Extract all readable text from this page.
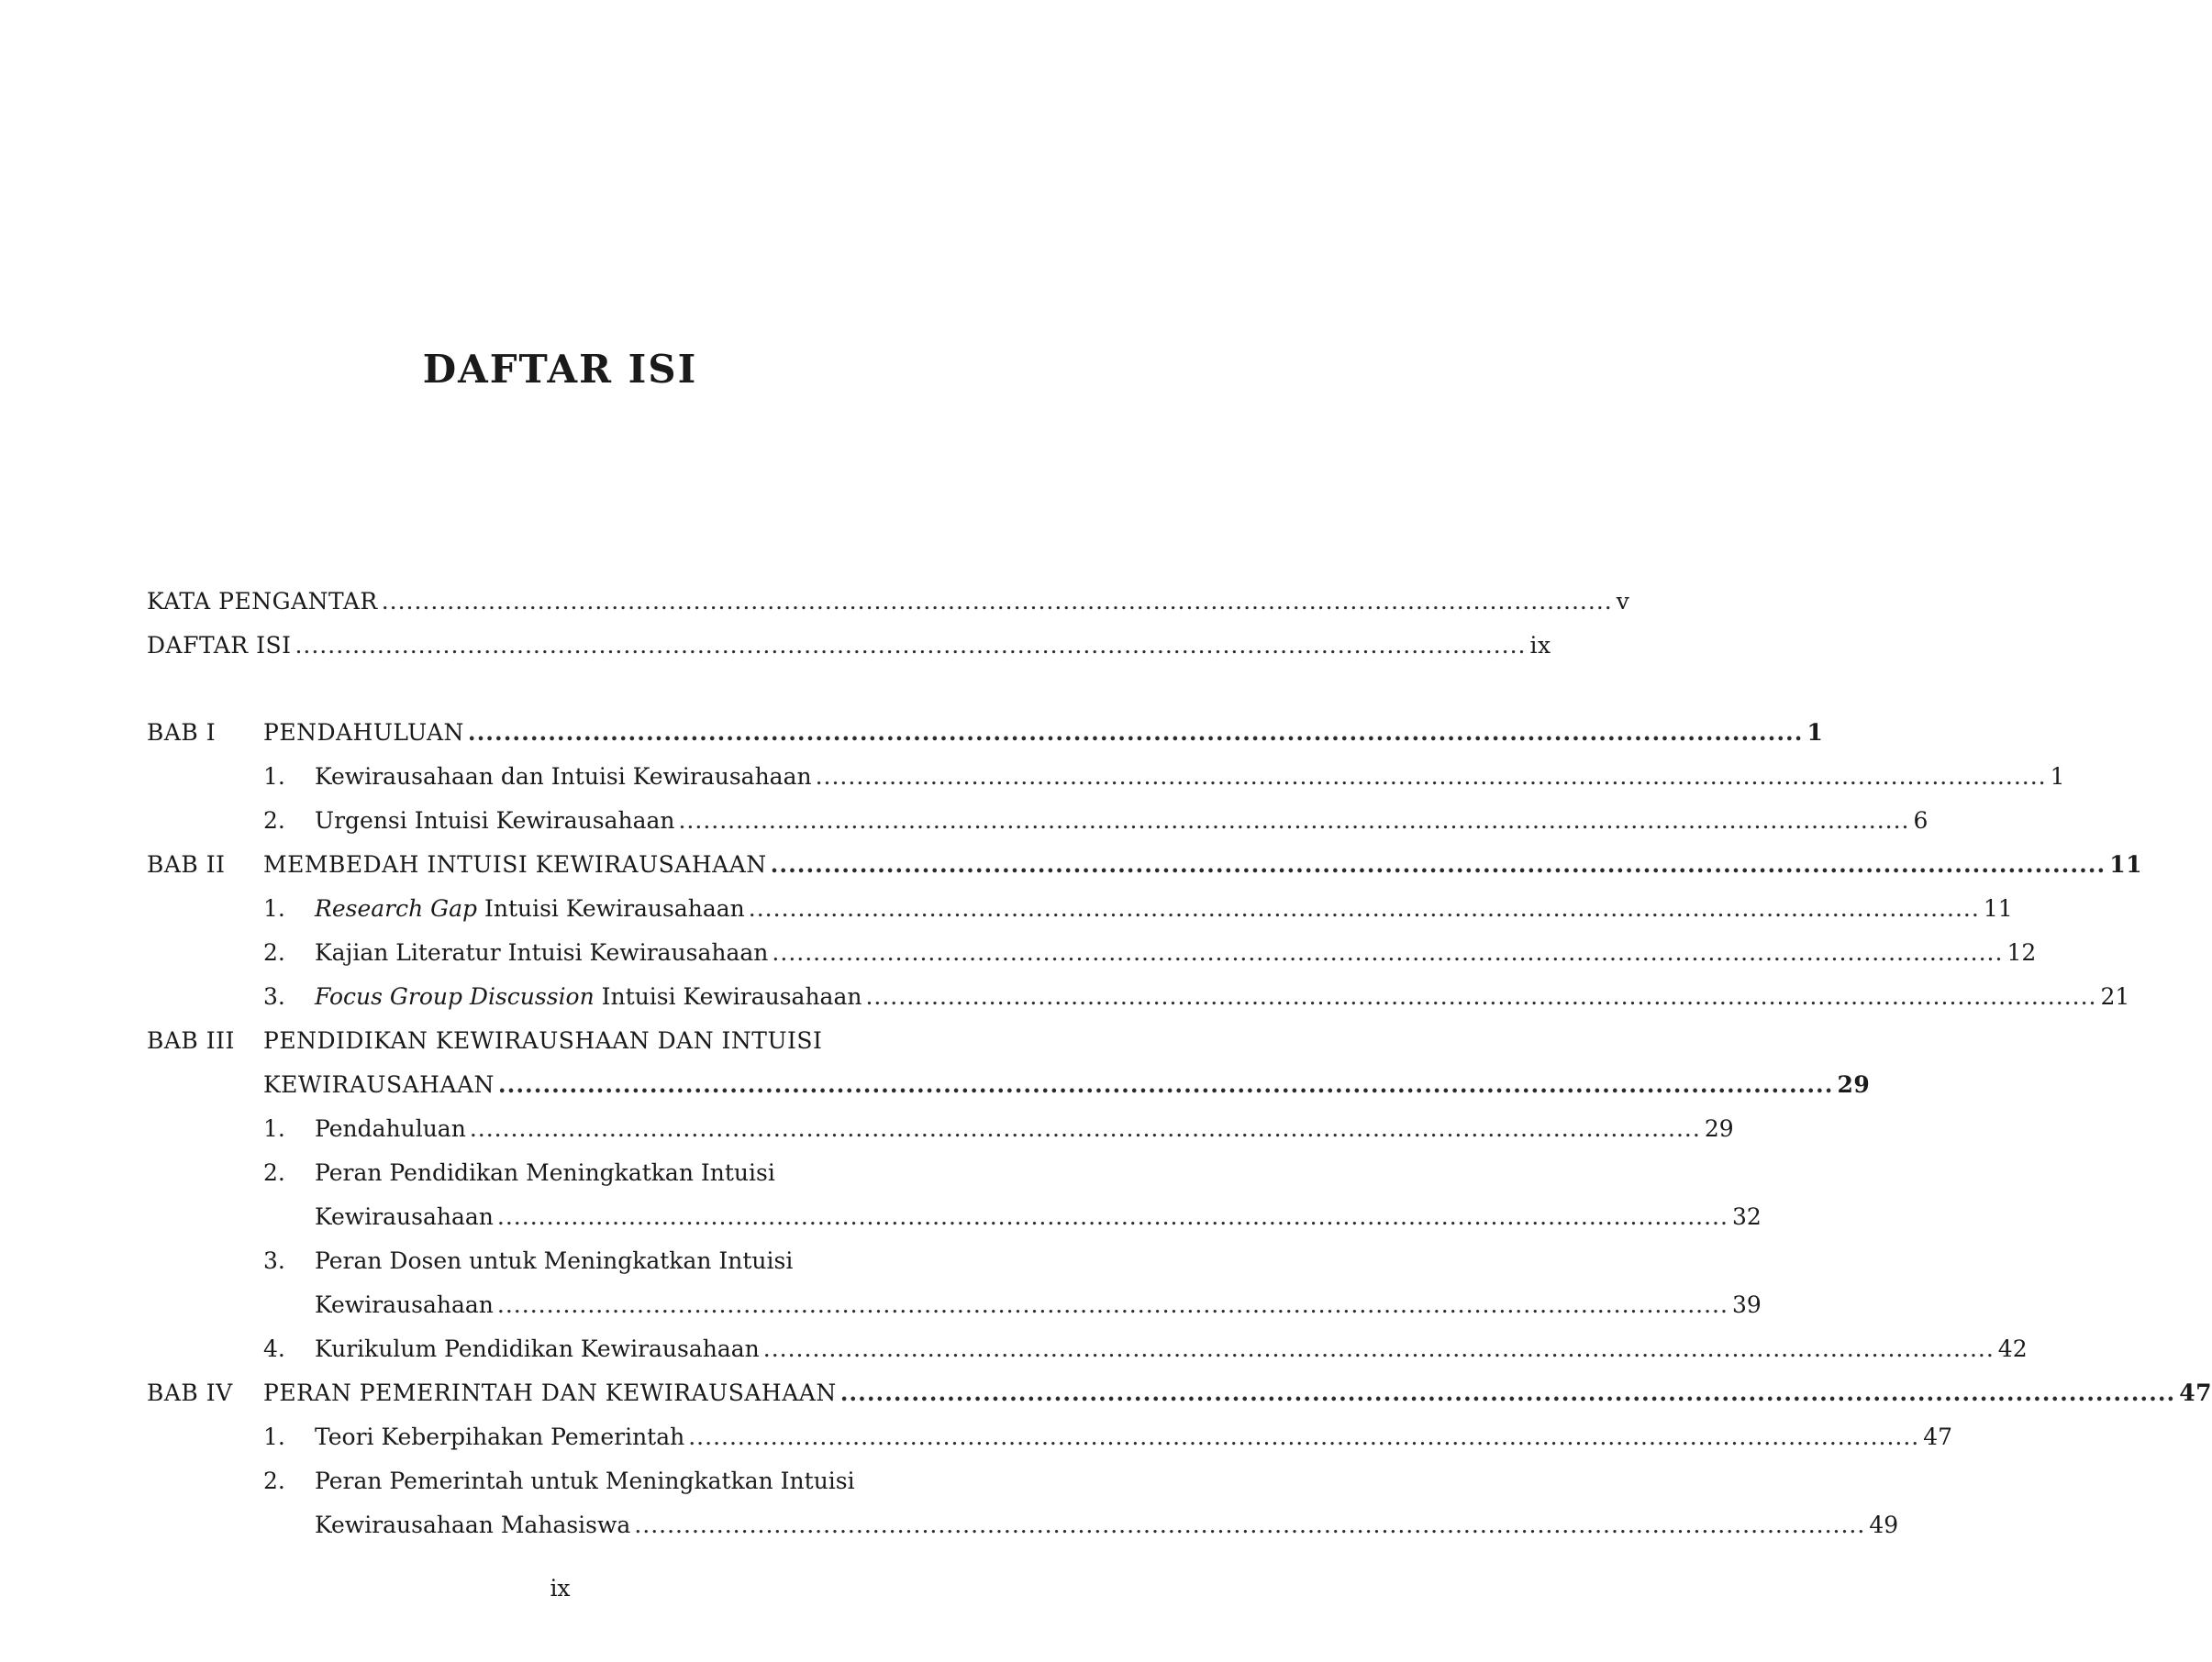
DAFTAR ISI
KATA PENGANTAR ...................................................................................................................................................... v
DAFTAR ISI ...................................................................................................................................................... ix
BAB I PENDAHULUAN ...................................................................................................................................................... 1
1. Kewirausahaan dan Intuisi Kewirausahaan ...................................................................................................................................................... 1
2. Urgensi Intuisi Kewirausahaan ...................................................................................................................................................... 6
BAB II MEMBEDAH INTUISI KEWIRAUSAHAAN ...................................................................................................................................................... 11
1. Research Gap Intuisi Kewirausahaan ...................................................................................................................................................... 11
2. Kajian Literatur Intuisi Kewirausahaan ...................................................................................................................................................... 12
3. Focus Group Discussion Intuisi Kewirausahaan ...................................................................................................................................................... 21
BAB III PENDIDIKAN KEWIRAUSHAAN DAN INTUISI
KEWIRAUSAHAAN ...................................................................................................................................................... 29
1. Pendahuluan ...................................................................................................................................................... 29
2. Peran Pendidikan Meningkatkan Intuisi
Kewirausahaan ...................................................................................................................................................... 32
3. Peran Dosen untuk Meningkatkan Intuisi
Kewirausahaan ...................................................................................................................................................... 39
4. Kurikulum Pendidikan Kewirausahaan ...................................................................................................................................................... 42
BAB IV PERAN PEMERINTAH DAN KEWIRAUSAHAAN ...................................................................................................................................................... 47
1. Teori Keberpihakan Pemerintah ...................................................................................................................................................... 47
2. Peran Pemerintah untuk Meningkatkan Intuisi
Kewirausahaan Mahasiswa ...................................................................................................................................................... 49
ix
